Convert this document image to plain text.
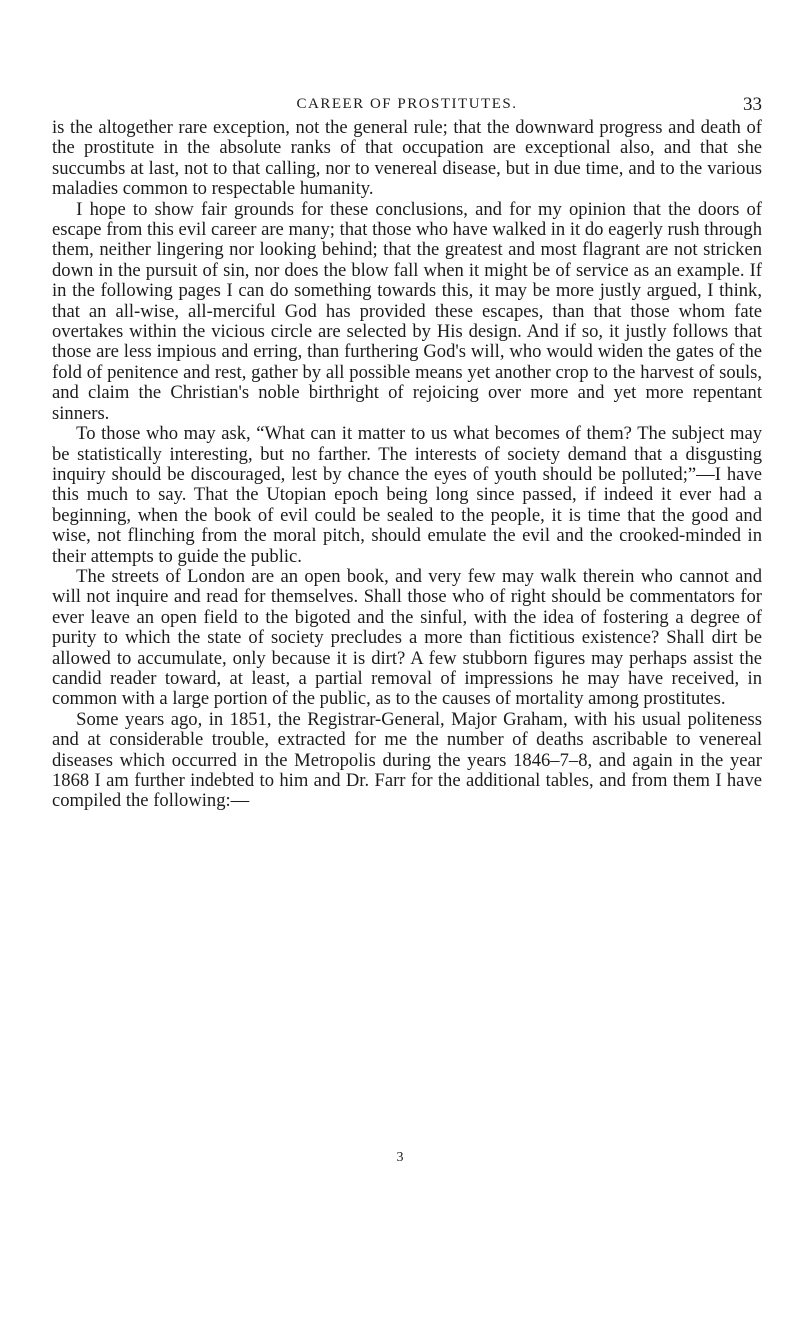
CAREER OF PROSTITUTES.	33

is the altogether rare exception, not the general rule; that the downward progress and death of the prostitute in the absolute ranks of that occupation are exceptional also, and that she succumbs at last, not to that calling, nor to venereal disease, but in due time, and to the various maladies common to respectable humanity.

I hope to show fair grounds for these conclusions, and for my opinion that the doors of escape from this evil career are many; that those who have walked in it do eagerly rush through them, neither lingering nor looking behind; that the greatest and most flagrant are not stricken down in the pursuit of sin, nor does the blow fall when it might be of service as an example. If in the following pages I can do something towards this, it may be more justly argued, I think, that an all-wise, all-merciful God has provided these escapes, than that those whom fate overtakes within the vicious circle are selected by His design. And if so, it justly follows that those are less impious and erring, than furthering God's will, who would widen the gates of the fold of penitence and rest, gather by all possible means yet another crop to the harvest of souls, and claim the Christian's noble birthright of rejoicing over more and yet more repentant sinners.

To those who may ask, “What can it matter to us what becomes of them? The subject may be statistically interesting, but no farther. The interests of society demand that a disgusting inquiry should be discouraged, lest by chance the eyes of youth should be polluted;”—I have this much to say. That the Utopian epoch being long since passed, if indeed it ever had a beginning, when the book of evil could be sealed to the people, it is time that the good and wise, not flinching from the moral pitch, should emulate the evil and the crooked-minded in their attempts to guide the public.

The streets of London are an open book, and very few may walk therein who cannot and will not inquire and read for themselves. Shall those who of right should be commentators for ever leave an open field to the bigoted and the sinful, with the idea of fostering a degree of purity to which the state of society precludes a more than fictitious existence? Shall dirt be allowed to accumulate, only because it is dirt? A few stubborn figures may perhaps assist the candid reader toward, at least, a partial removal of impressions he may have received, in common with a large portion of the public, as to the causes of mortality among prostitutes.

Some years ago, in 1851, the Registrar-General, Major Graham, with his usual politeness and at considerable trouble, extracted for me the number of deaths ascribable to venereal diseases which occurred in the Metropolis during the years 1846–7–8, and again in the year 1868 I am further indebted to him and Dr. Farr for the additional tables, and from them I have compiled the following:—

3
